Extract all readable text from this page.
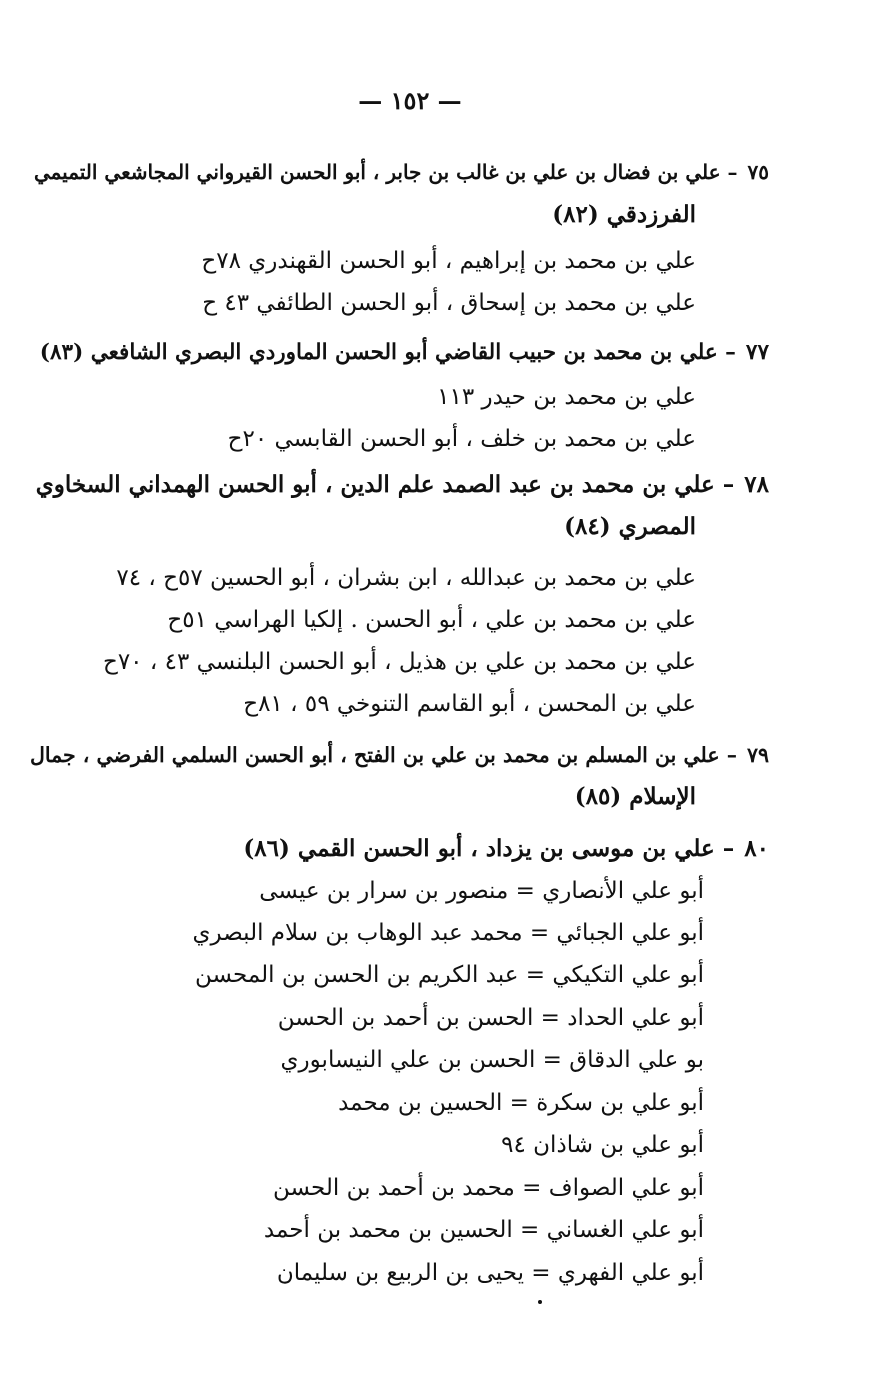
— ١٥٢ —
٧٥– علي بن فضال بن علي بن غالب بن جابر ، أبو الحسن القيرواني المجاشعي التميمي
الفرزدقي (٨٢)
علي بن محمد بن إبراهيم ، أبو الحسن القهندري ٧٨ح
علي بن محمد بن إسحاق ، أبو الحسن الطائفي ٤٣ ح
٧٧– علي بن محمد بن حبيب القاضي أبو الحسن الماوردي البصري الشافعي (٨٣)
علي بن محمد بن حيدر ١١٣
علي بن محمد بن خلف ، أبو الحسن القابسي ٢٠ح
٧٨– علي بن محمد بن عبد الصمد علم الدين ، أبو الحسن الهمداني السخاوي
المصري (٨٤)
علي بن محمد بن عبدالله ، ابن بشران ، أبو الحسين ٥٧ح ، ٧٤
علي بن محمد بن علي ، أبو الحسن . إلكيا الهراسي ٥١ح
علي بن محمد بن علي بن هذيل ، أبو الحسن البلنسي ٤٣ ، ٧٠ح
علي بن المحسن ، أبو القاسم التنوخي ٥٩ ، ٨١ح
٧٩– علي بن المسلم بن محمد بن علي بن الفتح ، أبو الحسن السلمي الفرضي ، جمال
الإسلام (٨٥)
٨٠– علي بن موسى بن يزداد ، أبو الحسن القمي (٨٦)
أبو علي الأنصاري = منصور بن سرار بن عيسى
أبو علي الجبائي = محمد عبد الوهاب بن سلام البصري
أبو علي التكيكي = عبد الكريم بن الحسن بن المحسن
أبو علي الحداد = الحسن بن أحمد بن الحسن
بو علي الدقاق = الحسن بن علي النيسابوري
أبو علي بن سكرة = الحسين بن محمد
أبو علي بن شاذان ٩٤
أبو علي الصواف = محمد بن أحمد بن الحسن
أبو علي الغساني = الحسين بن محمد بن أحمد
أبو علي الفهري = يحيى بن الربيع بن سليمان
